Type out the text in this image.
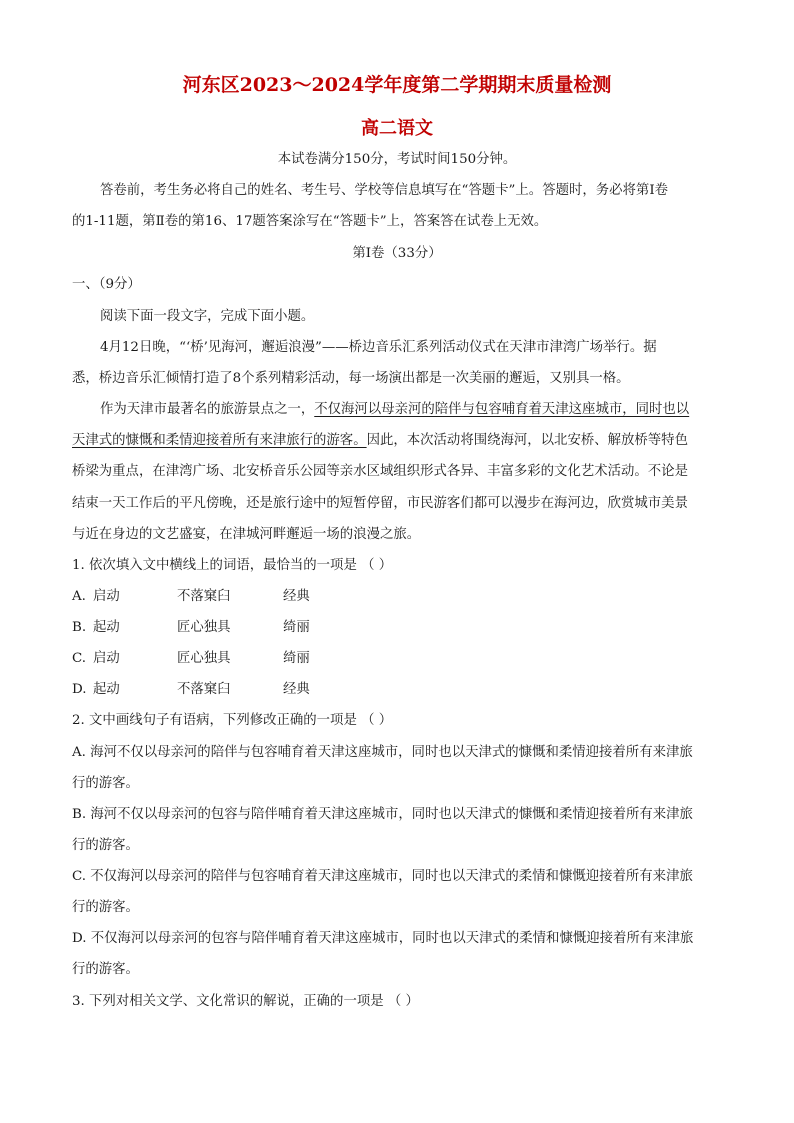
河东区2023～2024学年度第二学期期末质量检测
高二语文
本试卷满分150分，考试时间150分钟。
答卷前，考生务必将自己的姓名、考生号、学校等信息填写在“答题卡”上。答题时，务必将第Ⅰ卷
的1-11题，第Ⅱ卷的第16、17题答案涂写在“答题卡”上，答案答在试卷上无效。
第Ⅰ卷（33分）
一、（9分）
阅读下面一段文字，完成下面小题。
4月12日晚，“‘桥’见海河，邂逅浪漫”——桥边音乐汇系列活动仪式在天津市津湾广场举行。据
悉，桥边音乐汇倾情打造了8个系列精彩活动，每一场演出都是一次美丽的邂逅，又别具一格。
作为天津市最著名的旅游景点之一，不仅海河以母亲河的陪伴与包容哺育着天津这座城市，同时也以
天津式的慷慨和柔情迎接着所有来津旅行的游客。因此，本次活动将围绕海河，以北安桥、解放桥等特色
桥梁为重点，在津湾广场、北安桥音乐公园等亲水区域组织形式各异、丰富多彩的文化艺术活动。不论是
结束一天工作后的平凡傍晚，还是旅行途中的短暂停留，市民游客们都可以漫步在海河边，欣赏城市美景
与近在身边的文艺盛宴，在津城河畔邂逅一场的浪漫之旅。
1. 依次填入文中横线上的词语，最恰当的一项是 （ ）
A. 启动	不落窠臼	经典
B. 起动	匠心独具	绮丽
C. 启动	匠心独具	绮丽
D. 起动	不落窠臼	经典
2. 文中画线句子有语病，下列修改正确的一项是 （ ）
A. 海河不仅以母亲河的陪伴与包容哺育着天津这座城市，同时也以天津式的慷慨和柔情迎接着所有来津旅
行的游客。
B. 海河不仅以母亲河的包容与陪伴哺育着天津这座城市，同时也以天津式的慷慨和柔情迎接着所有来津旅
行的游客。
C. 不仅海河以母亲河的陪伴与包容哺育着天津这座城市，同时也以天津式的柔情和慷慨迎接着所有来津旅
行的游客。
D. 不仅海河以母亲河的包容与陪伴哺育着天津这座城市，同时也以天津式的柔情和慷慨迎接着所有来津旅
行的游客。
3. 下列对相关文学、文化常识的解说，正确的一项是 （ ）
